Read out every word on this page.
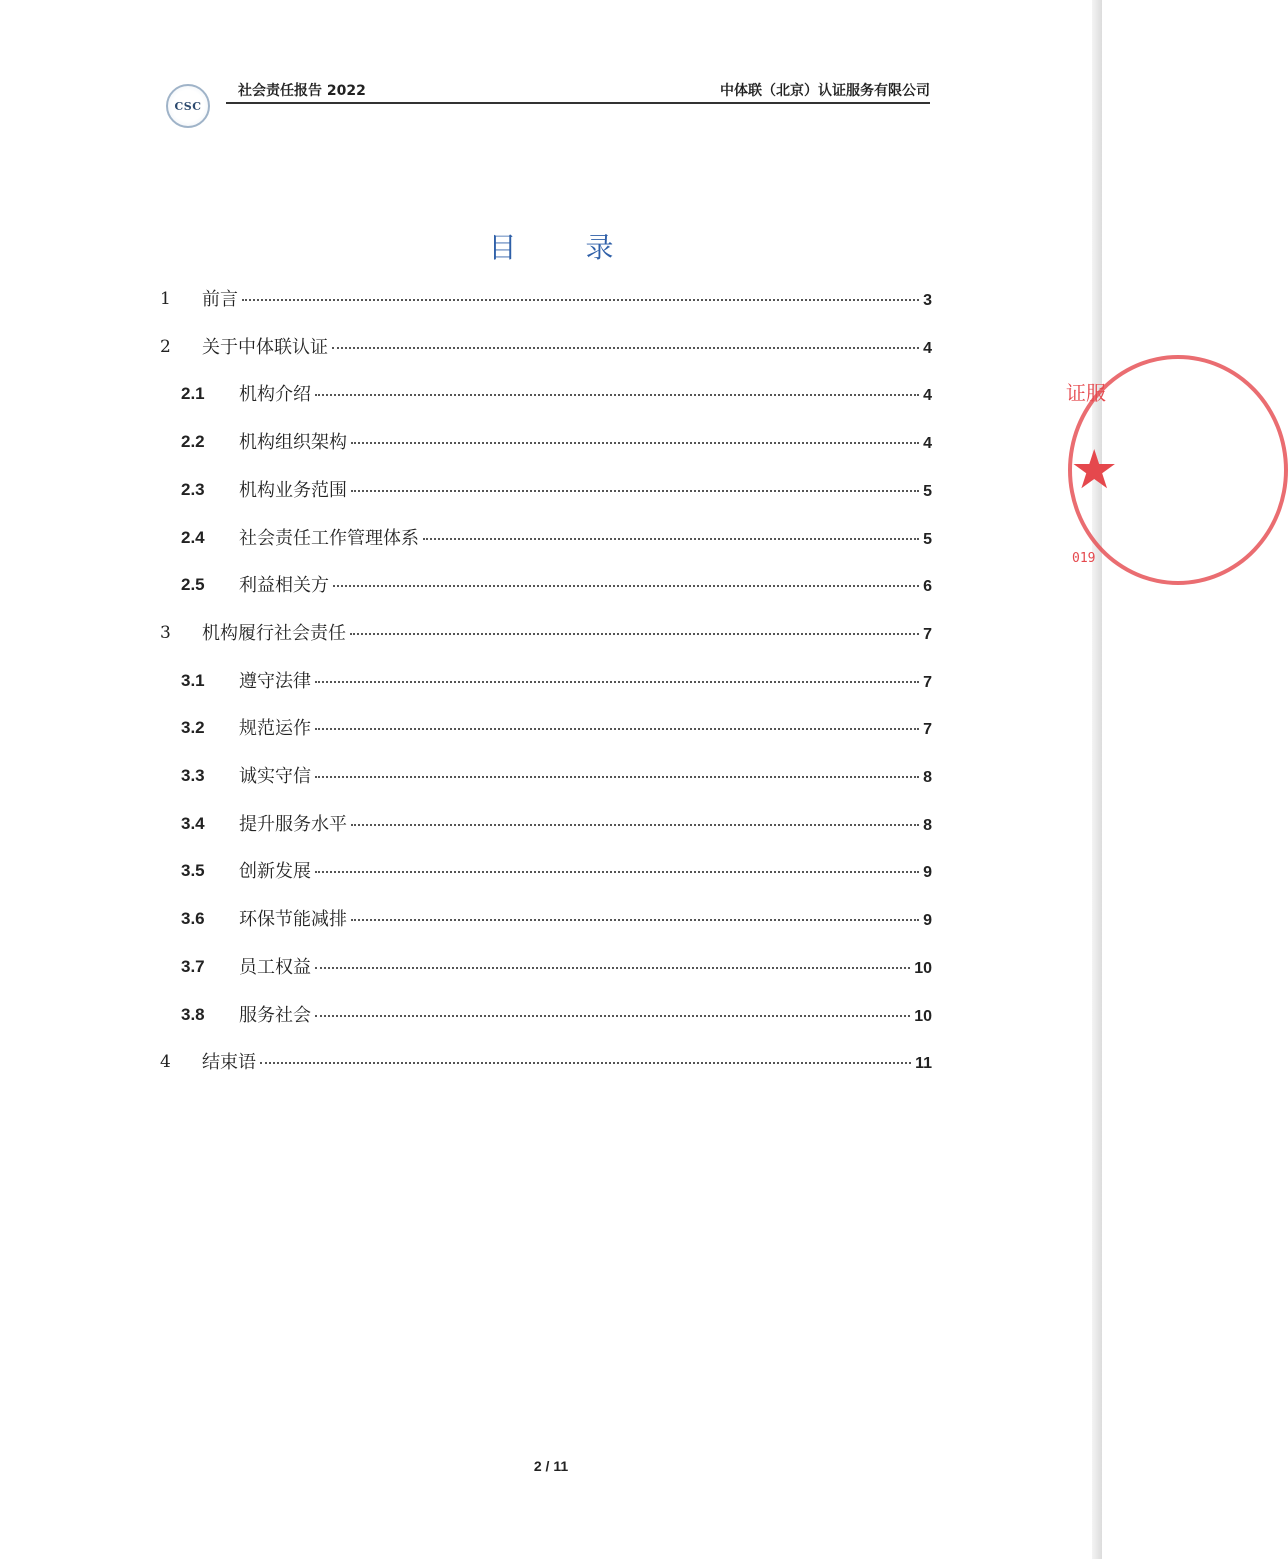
CSC
社会责任报告 2022	中体联（北京）认证服务有限公司
目 录
1 前言	3
2 关于中体联认证	4
2.1 机构介绍	4
2.2 机构组织架构	4
2.3 机构业务范围	5
2.4 社会责任工作管理体系	5
2.5 利益相关方	6
3 机构履行社会责任	7
3.1 遵守法律	7
3.2 规范运作	7
3.3 诚实守信	8
3.4 提升服务水平	8
3.5 创新发展	9
3.6 环保节能减排	9
3.7 员工权益	10
3.8 服务社会	10
4 结束语	11
证服
★
019
2 / 11
